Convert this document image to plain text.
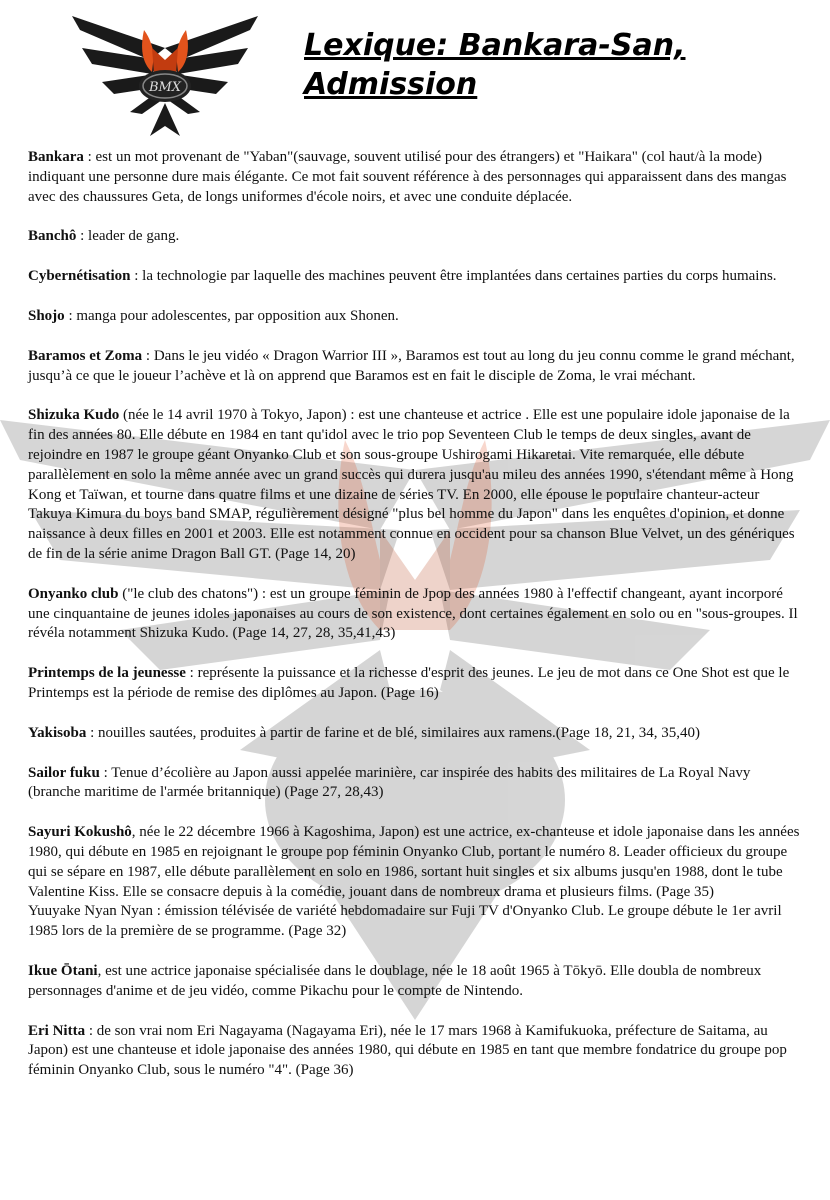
BMX
Lexique: Bankara-San,
Admission

Bankara : est un mot provenant de "Yaban"(sauvage, souvent utilisé pour des étrangers) et "Haikara" (col haut/à la mode) indiquant une personne dure mais élégante. Ce mot fait souvent référence à des personnages qui apparaissent dans des mangas avec des chaussures Geta, de longs uniformes d'école noirs, et avec une conduite déplacée.

Banchô : leader de gang.

Cybernétisation : la technologie par laquelle des machines peuvent être implantées dans certaines parties du corps humains.

Shojo : manga pour adolescentes, par opposition aux Shonen.

Baramos et Zoma : Dans le jeu vidéo « Dragon Warrior III », Baramos est tout au long du jeu connu comme le grand méchant, jusqu’à ce que le joueur l’achève et là on apprend que Baramos est en fait le disciple de Zoma, le vrai méchant.

Shizuka Kudo (née le 14 avril 1970 à Tokyo, Japon) : est une chanteuse et actrice . Elle est une populaire idole japonaise de la fin des années 80. Elle débute en 1984 en tant qu'idol avec le trio pop Seventeen Club le temps de deux singles, avant de rejoindre en 1987 le groupe géant Onyanko Club et son sous-groupe Ushirogami Hikaretai. Vite remarquée, elle débute parallèlement en solo la même année avec un grand succès qui durera jusqu'au mileu des années 1990, s'étendant même à Hong Kong et Taïwan, et tourne dans quatre films et une dizaine de séries TV. En 2000, elle épouse le populaire chanteur-acteur Takuya Kimura du boys band SMAP, régulièrement désigné "plus bel homme du Japon" dans les enquêtes d'opinion, et donne naissance à deux filles en 2001 et 2003. Elle est notamment connue en occident pour sa chanson Blue Velvet, un des génériques de fin de la série anime Dragon Ball GT. (Page 14, 20)

Onyanko club ("le club des chatons") : est un groupe féminin de Jpop des années 1980 à l'effectif changeant, ayant incorporé une cinquantaine de jeunes idoles japonaises au cours de son existence, dont certaines également en solo ou en "sous-groupes. Il révéla notamment Shizuka Kudo. (Page 14, 27, 28, 35,41,43)

Printemps de la jeunesse : représente la puissance et la richesse d'esprit des jeunes. Le jeu de mot dans ce One Shot est que le Printemps est la période de remise des diplômes au Japon. (Page 16)

Yakisoba : nouilles sautées, produites à partir de farine et de blé, similaires aux ramens.(Page 18, 21, 34, 35,40)

Sailor fuku : Tenue d’écolière au Japon aussi appelée marinière, car inspirée des habits des militaires de La Royal Navy (branche maritime de l'armée britannique) (Page 27, 28,43)

Sayuri Kokushô, née le 22 décembre 1966 à Kagoshima, Japon) est une actrice, ex-chanteuse et idole japonaise dans les années 1980, qui débute en 1985 en rejoignant le groupe pop féminin Onyanko Club, portant le numéro 8. Leader officieux du groupe qui se sépare en 1987, elle débute parallèlement en solo en 1986, sortant huit singles et six albums jusqu'en 1988, dont le tube Valentine Kiss. Elle se consacre depuis à la comédie, jouant dans de nombreux drama et plusieurs films. (Page 35)

Yuuyake Nyan Nyan : émission télévisée de variété hebdomadaire sur Fuji TV d'Onyanko Club. Le groupe débute le 1er avril 1985 lors de la première de se programme. (Page 32)

Ikue Ōtani, est une actrice japonaise spécialisée dans le doublage, née le 18 août 1965 à Tōkyō. Elle doubla de nombreux personnages d'anime et de jeu vidéo, comme Pikachu pour le compte de Nintendo.

Eri Nitta : de son vrai nom Eri Nagayama (Nagayama Eri), née le 17 mars 1968 à Kamifukuoka, préfecture de Saitama, au Japon) est une chanteuse et idole japonaise des années 1980, qui débute en 1985 en tant que membre fondatrice du groupe pop féminin Onyanko Club, sous le numéro "4". (Page 36)
